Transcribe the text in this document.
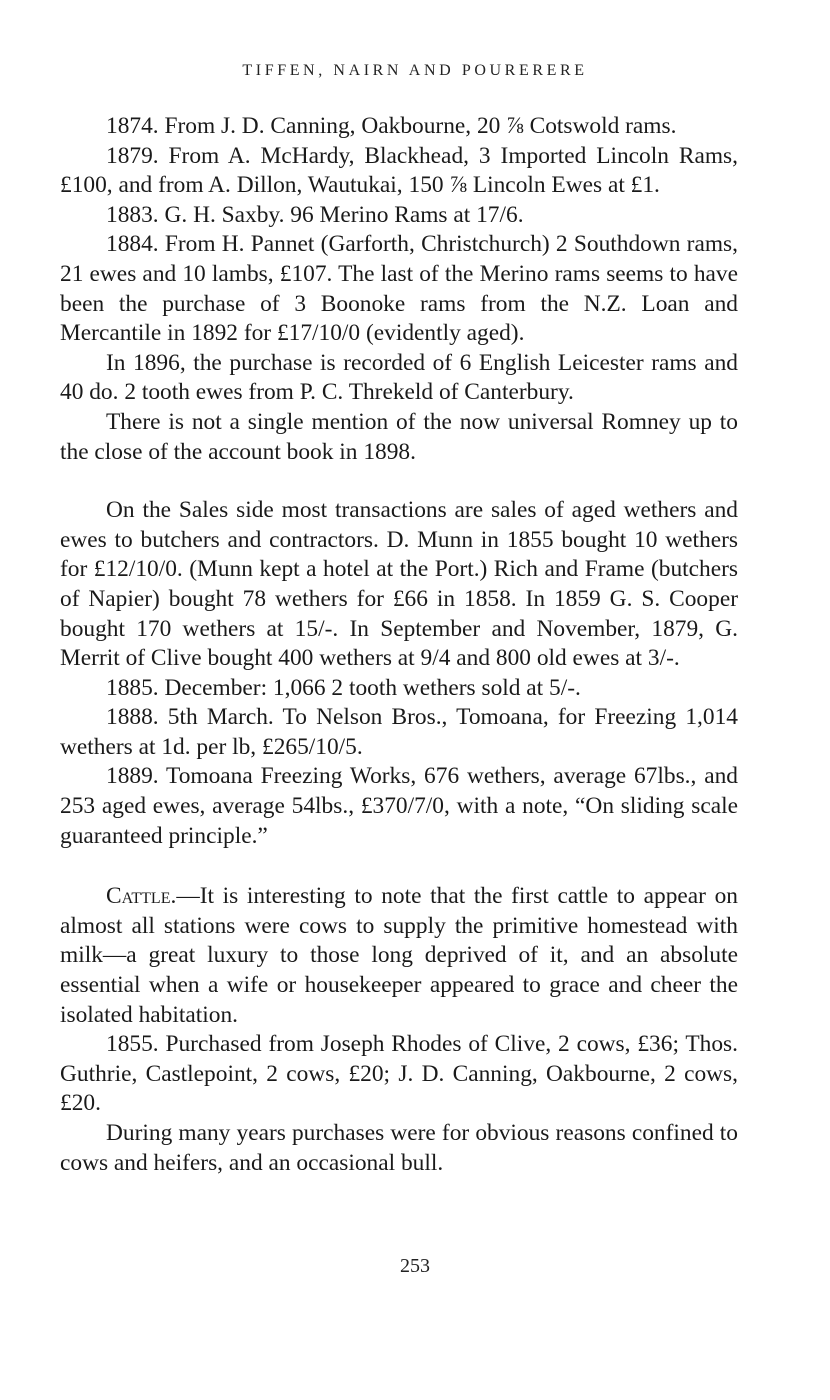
TIFFEN, NAIRN AND POURERERE

1874. From J. D. Canning, Oakbourne, 20 ⅞ Cotswold rams.

1879. From A. McHardy, Blackhead, 3 Imported Lincoln Rams, £100, and from A. Dillon, Wautukai, 150 ⅞ Lincoln Ewes at £1.

1883. G. H. Saxby. 96 Merino Rams at 17/6.

1884. From H. Pannet (Garforth, Christchurch) 2 Southdown rams, 21 ewes and 10 lambs, £107. The last of the Merino rams seems to have been the purchase of 3 Boonoke rams from the N.Z. Loan and Mercantile in 1892 for £17/10/0 (evidently aged).

In 1896, the purchase is recorded of 6 English Leicester rams and 40 do. 2 tooth ewes from P. C. Threkeld of Canterbury.

There is not a single mention of the now universal Romney up to the close of the account book in 1898.

On the Sales side most transactions are sales of aged wethers and ewes to butchers and contractors. D. Munn in 1855 bought 10 wethers for £12/10/0. (Munn kept a hotel at the Port.) Rich and Frame (butchers of Napier) bought 78 wethers for £66 in 1858. In 1859 G. S. Cooper bought 170 wethers at 15/-. In September and November, 1879, G. Merrit of Clive bought 400 wethers at 9/4 and 800 old ewes at 3/-.

1885. December: 1,066 2 tooth wethers sold at 5/-.

1888. 5th March. To Nelson Bros., Tomoana, for Freezing 1,014 wethers at 1d. per lb, £265/10/5.

1889. Tomoana Freezing Works, 676 wethers, average 67lbs., and 253 aged ewes, average 54lbs., £370/7/0, with a note, “On sliding scale guaranteed principle.”

Cattle.—It is interesting to note that the first cattle to appear on almost all stations were cows to supply the primitive homestead with milk—a great luxury to those long deprived of it, and an absolute essential when a wife or housekeeper appeared to grace and cheer the isolated habitation.

1855. Purchased from Joseph Rhodes of Clive, 2 cows, £36; Thos. Guthrie, Castlepoint, 2 cows, £20; J. D. Canning, Oakbourne, 2 cows, £20.

During many years purchases were for obvious reasons confined to cows and heifers, and an occasional bull.

253
